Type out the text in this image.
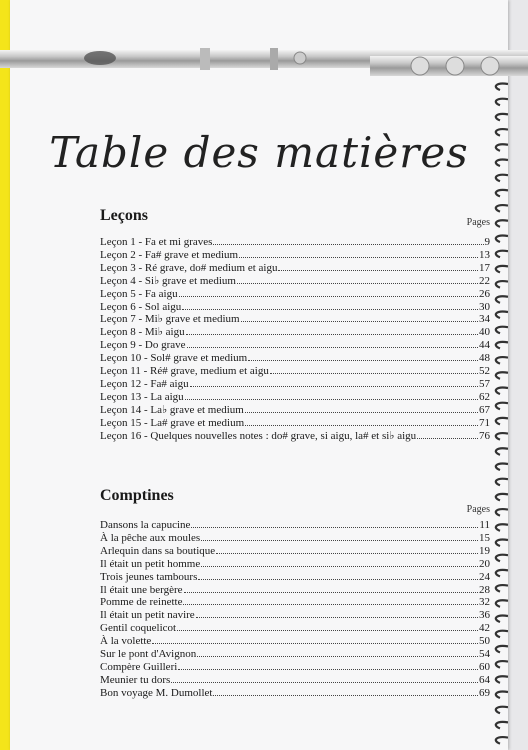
Table des matières
Leçons	Pages
Leçon 1 - Fa et mi graves	9
Leçon 2 - Fa# grave et medium	13
Leçon 3 - Ré grave, do# medium et aigu	17
Leçon 4 - Si♭ grave et medium	22
Leçon 5 - Fa aigu	26
Leçon 6 - Sol aigu	30
Leçon 7 - Mi♭ grave et medium	34
Leçon 8 - Mi♭ aigu	40
Leçon 9 - Do grave	44
Leçon 10 - Sol# grave et medium	48
Leçon 11 - Ré# grave, medium et aigu	52
Leçon 12 - Fa# aigu	57
Leçon 13 - La aigu	62
Leçon 14 - La♭ grave et medium	67
Leçon 15 - La# grave et medium	71
Leçon 16 - Quelques nouvelles notes : do# grave, si aigu, la# et si♭ aigu	76
Comptines
Pages
Dansons la capucine	11
À la pêche aux moules	15
Arlequin dans sa boutique	19
Il était un petit homme	20
Trois jeunes tambours	24
Il était une bergère	28
Pomme de reinette	32
Il était un petit navire	36
Gentil coquelicot	42
À la volette	50
Sur le pont d'Avignon	54
Compère Guilleri	60
Meunier tu dors	64
Bon voyage M. Dumollet	69
